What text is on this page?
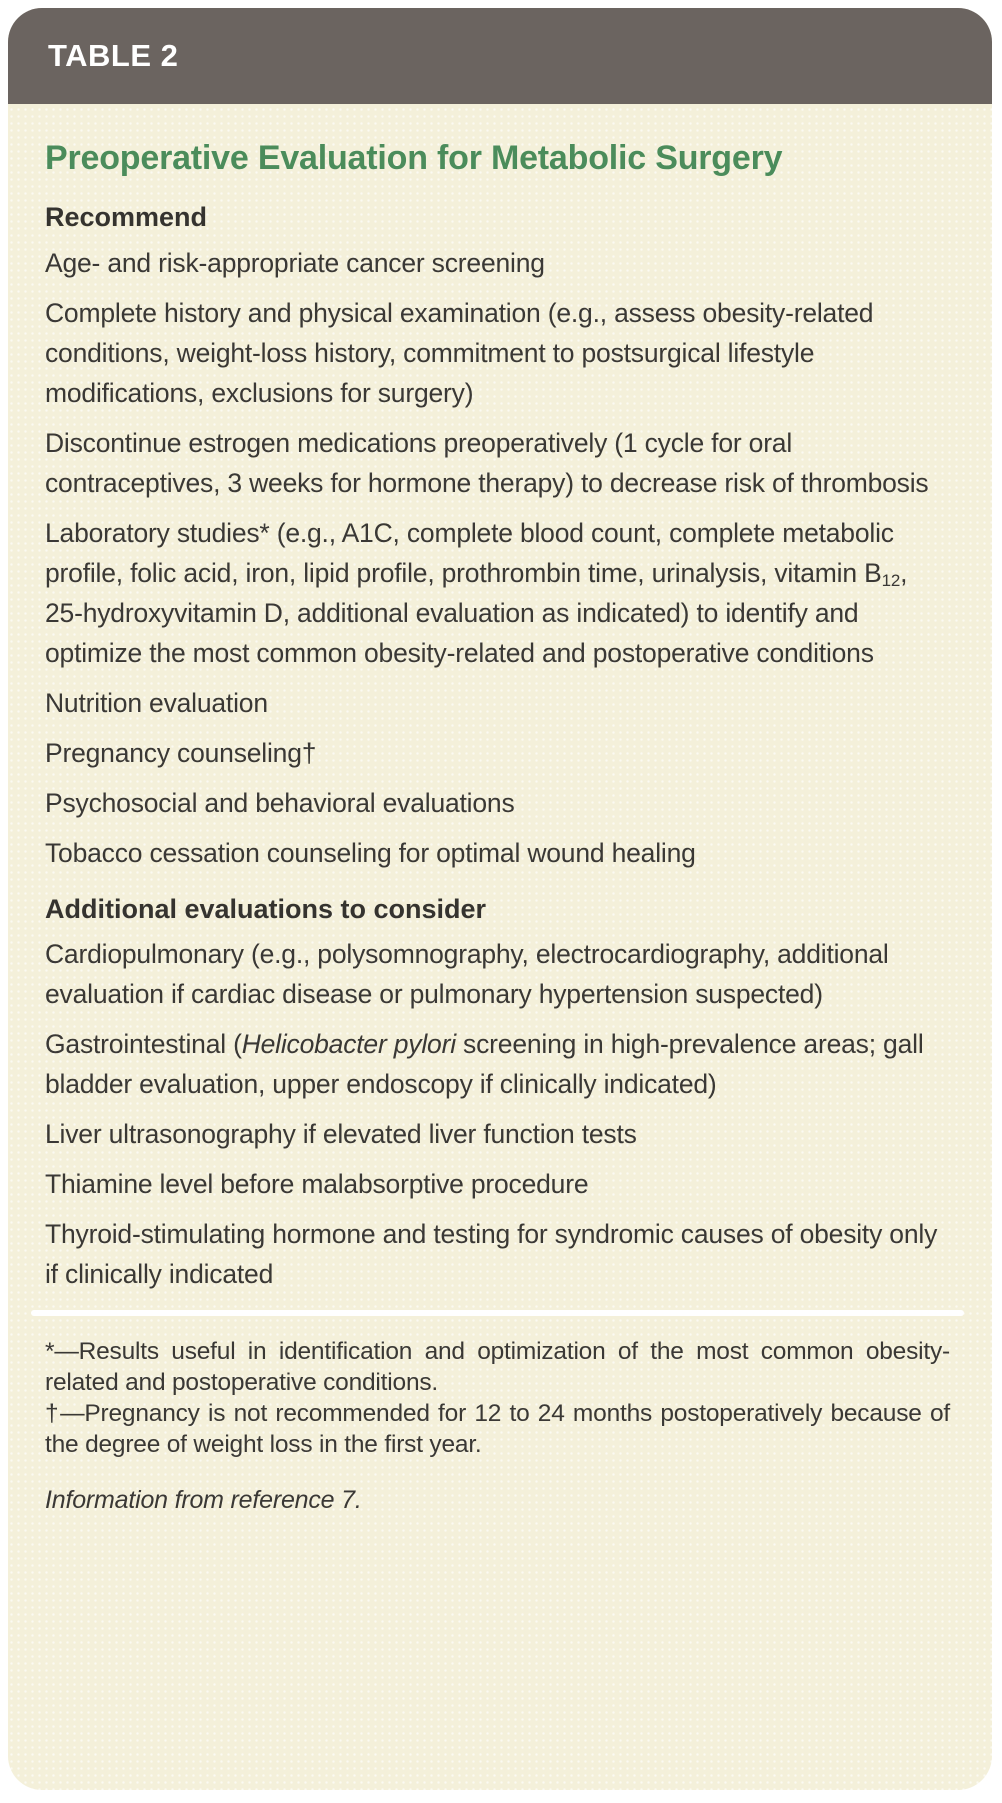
TABLE 2
Preoperative Evaluation for Metabolic Surgery
Recommend

Age- and risk-appropriate cancer screening

Complete history and physical examination (e.g., assess obesity-related conditions, weight-loss history, commitment to postsurgical lifestyle modifications, exclusions for surgery)

Discontinue estrogen medications preoperatively (1 cycle for oral contraceptives, 3 weeks for hormone therapy) to decrease risk of thrombosis

Laboratory studies* (e.g., A1C, complete blood count, complete metabolic profile, folic acid, iron, lipid profile, prothrombin time, urinalysis, vitamin $B_{12}$, 25-hydroxyvitamin D, additional evaluation as indicated) to identify and optimize the most common obesity-related and postoperative conditions

Nutrition evaluation

Pregnancy counseling†

Psychosocial and behavioral evaluations

Tobacco cessation counseling for optimal wound healing

Additional evaluations to consider

Cardiopulmonary (e.g., polysomnography, electrocardiography, additional evaluation if cardiac disease or pulmonary hypertension suspected)

Gastrointestinal (Helicobacter pylori screening in high-prevalence areas; gall bladder evaluation, upper endoscopy if clinically indicated)

Liver ultrasonography if elevated liver function tests

Thiamine level before malabsorptive procedure

Thyroid-stimulating hormone and testing for syndromic causes of obesity only if clinically indicated

*—Results useful in identification and optimization of the most common obesity-related and postoperative conditions.

†—Pregnancy is not recommended for 12 to 24 months postoperatively because of the degree of weight loss in the first year.

Information from reference 7.
